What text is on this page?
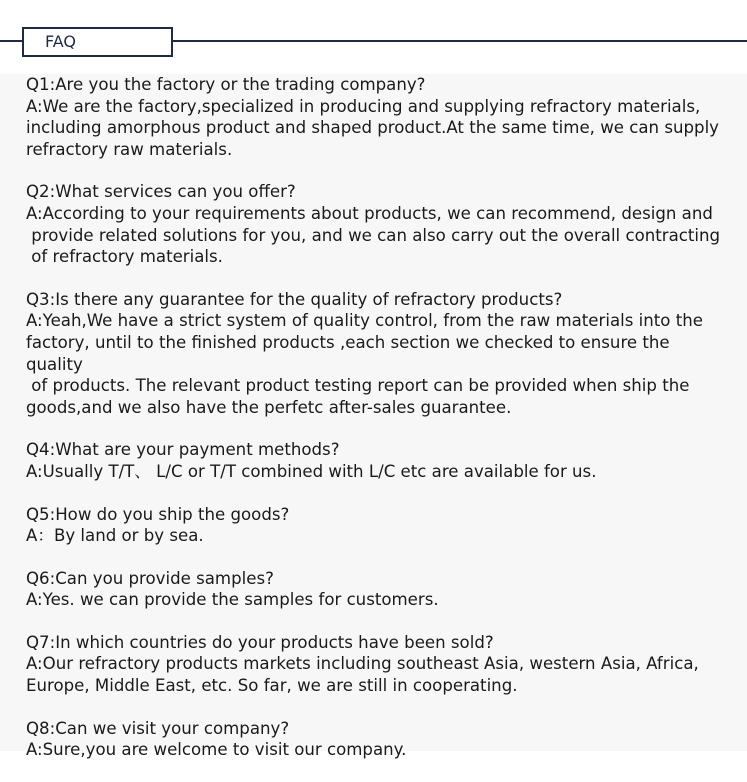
FAQ
Q1:Are you the factory or the trading company?
A:We are the factory,specialized in producing and supplying refractory materials,
including amorphous product and shaped product.At the same time, we can supply
refractory raw materials.
Q2:What services can you offer?
A:According to your requirements about products, we can recommend, design and
provide related solutions for you, and we can also carry out the overall contracting
of refractory materials.
Q3:Is there any guarantee for the quality of refractory products?
A:Yeah,We have a strict system of quality control, from the raw materials into the
factory, until to the finished products ,each section we checked to ensure the quality
of products. The relevant product testing report can be provided when ship the
goods,and we also have the perfetc after-sales guarantee.
Q4:What are your payment methods?
A:Usually T/T、 L/C or T/T combined with L/C etc are available for us.
Q5:How do you ship the goods?
A：By land or by sea.
Q6:Can you provide samples?
A:Yes. we can provide the samples for customers.
Q7:In which countries do your products have been sold?
A:Our refractory products markets including southeast Asia, western Asia, Africa,
Europe, Middle East, etc. So far, we are still in cooperating.
Q8:Can we visit your company?
A:Sure,you are welcome to visit our company.
